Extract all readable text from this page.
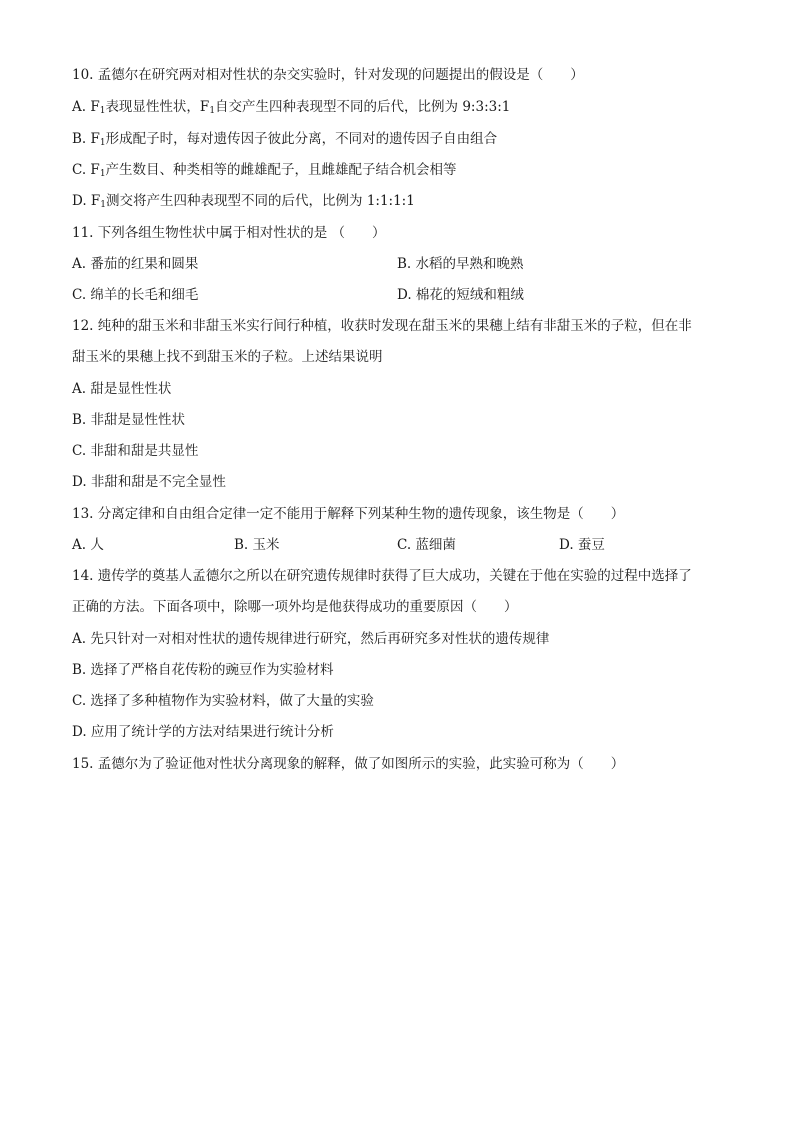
10. 孟德尔在研究两对相对性状的杂交实验时，针对发现的问题提出的假设是（　　）
A. $F_1$表现显性性状，$F_1$自交产生四种表现型不同的后代，比例为 9:3:3:1
B. $F_1$形成配子时，每对遗传因子彼此分离，不同对的遗传因子自由组合
C. $F_1$产生数目、种类相等的雌雄配子，且雌雄配子结合机会相等
D. $F_1$测交将产生四种表现型不同的后代，比例为 1:1:1:1
11. 下列各组生物性状中属于相对性状的是 （　　）
A. 番茄的红果和圆果	B. 水稻的早熟和晚熟
C. 绵羊的长毛和细毛	D. 棉花的短绒和粗绒
12. 纯种的甜玉米和非甜玉米实行间行种植，收获时发现在甜玉米的果穗上结有非甜玉米的子粒，但在非
甜玉米的果穗上找不到甜玉米的子粒。上述结果说明
A. 甜是显性性状
B. 非甜是显性性状
C. 非甜和甜是共显性
D. 非甜和甜是不完全显性
13. 分离定律和自由组合定律一定不能用于解释下列某种生物的遗传现象，该生物是（　　）
A. 人	B. 玉米	C. 蓝细菌	D. 蚕豆
14. 遗传学的奠基人孟德尔之所以在研究遗传规律时获得了巨大成功，关键在于他在实验的过程中选择了
正确的方法。下面各项中，除哪一项外均是他获得成功的重要原因（　　）
A. 先只针对一对相对性状的遗传规律进行研究，然后再研究多对性状的遗传规律
B. 选择了严格自花传粉的豌豆作为实验材料
C. 选择了多种植物作为实验材料，做了大量的实验
D. 应用了统计学的方法对结果进行统计分析
15. 孟德尔为了验证他对性状分离现象的解释，做了如图所示的实验，此实验可称为（　　）
